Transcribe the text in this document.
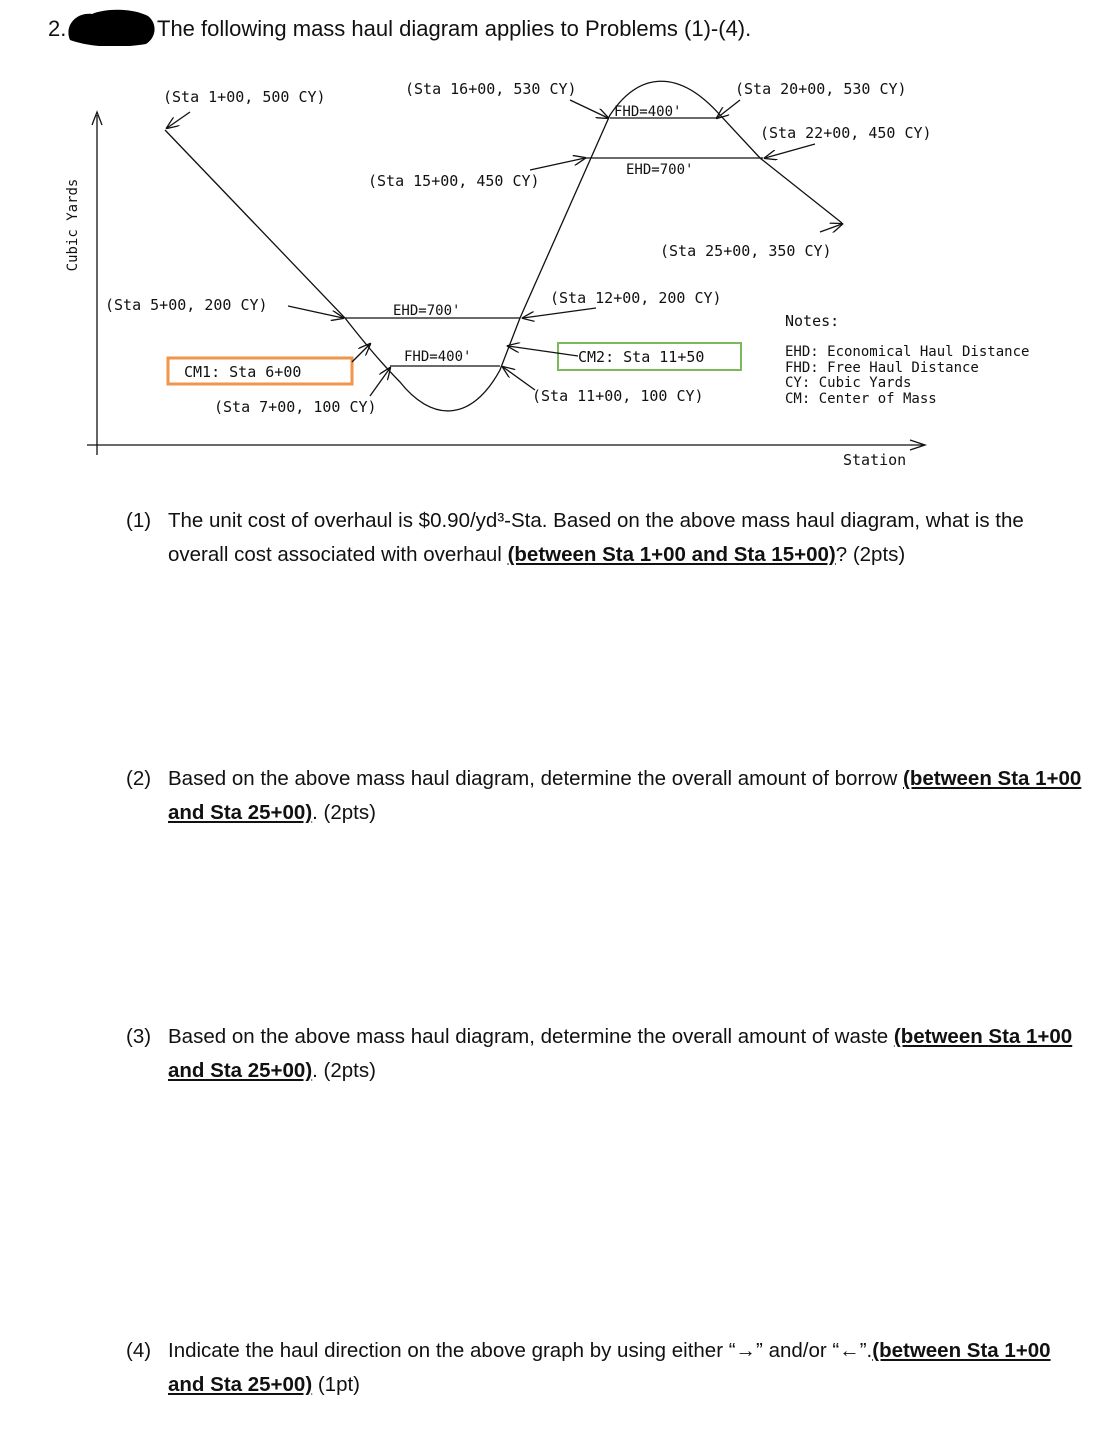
2.	The following mass haul diagram applies to Problems (1)-(4).
Cubic Yards
Station
(Sta 1+00, 500 CY)	(Sta 16+00, 530 CY)	(Sta 20+00, 530 CY)
(Sta 22+00, 450 CY)
(Sta 15+00, 450 CY)
(Sta 25+00, 350 CY)
(Sta 5+00, 200 CY)	(Sta 12+00, 200 CY)
(Sta 7+00, 100 CY)
(Sta 11+00, 100 CY)
FHD=400'
EHD=700'
EHD=700'
FHD=400'
CM1: Sta 6+00
CM2: Sta 11+50
Notes:
EHD: Economical Haul Distance
FHD: Free Haul Distance
CY: Cubic Yards
CM: Center of Mass
(1) The unit cost of overhaul is $0.90/yd³-Sta. Based on the above mass haul diagram, what is the overall cost associated with overhaul (between Sta 1+00 and Sta 15+00)? (2pts)
(2) Based on the above mass haul diagram, determine the overall amount of borrow (between Sta 1+00 and Sta 25+00). (2pts)
(3) Based on the above mass haul diagram, determine the overall amount of waste (between Sta 1+00 and Sta 25+00). (2pts)
(4) Indicate the haul direction on the above graph by using either “→” and/or “←”.(between Sta 1+00 and Sta 25+00) (1pt)
